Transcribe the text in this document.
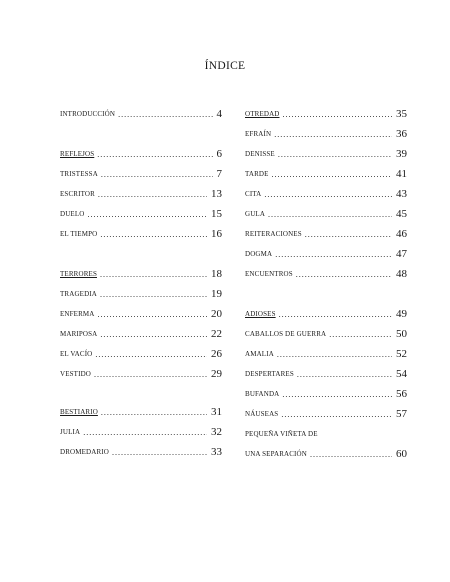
ÍNDICE
INTRODUCCIÓN .....	4
REFLEJOS .....	6
TRISTESSA .....	7
ESCRITOR .....	13
DUELO .....	15
EL TIEMPO .....	16
TERRORES .....	18
TRAGEDIA .....	19
ENFERMA .....	20
MARIPOSA .....	22
EL VACÍO .....	26
VESTIDO .....	29
BESTIARIO .....	31
JULIA .....	32
DROMEDARIO .....	33
OTREDAD .....	35
EFRAÍN .....	36
DENISSE .....	39
TARDE .....	41
CITA .....	43
GULA .....	45
REITERACIONES .....	46
DOGMA .....	47
ENCUENTROS .....	48
ADIOSES .....	49
CABALLOS DE GUERRA .....	50
AMALIA .....	52
DESPERTARES .....	54
BUFANDA .....	56
NÁUSEAS .....	57
PEQUEÑA VIÑETA DE
UNA SEPARACIÓN .....	60
